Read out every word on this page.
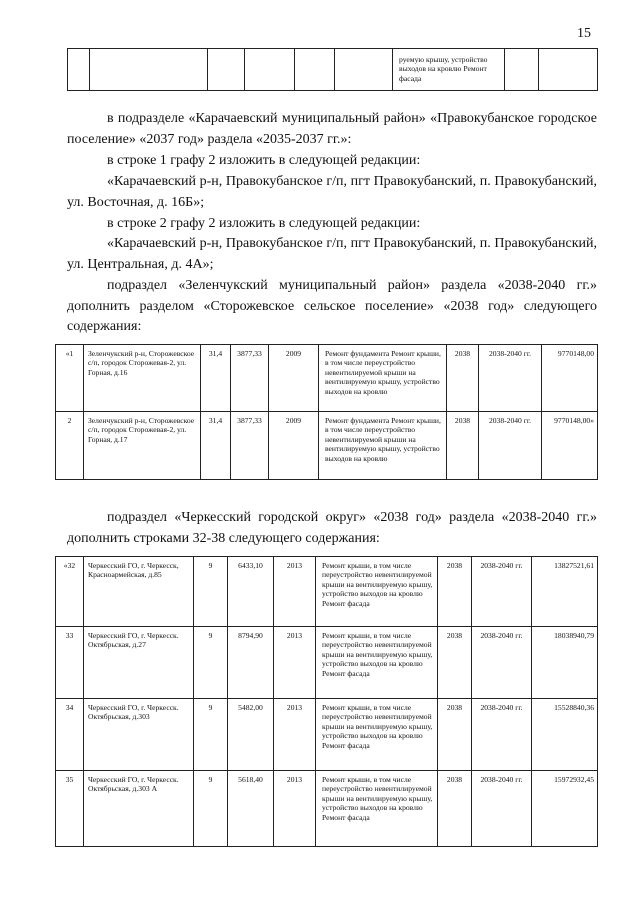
15
						руемую крышу, устройство выходов на кровлю Ремонт фасада		

в подразделе «Карачаевский муниципальный район» «Правокубанское городское поселение» «2037 год» раздела «2035-2037 гг.»:

в строке 1 графу 2 изложить в следующей редакции:

«Карачаевский р-н, Правокубанское г/п, пгт Правокубанский, п. Правокубанский, ул. Восточная, д. 16Б»;

в строке 2 графу 2 изложить в следующей редакции:

«Карачаевский р-н, Правокубанское г/п, пгт Правокубанский, п. Правокубанский, ул. Центральная, д. 4А»;

подраздел «Зеленчукский муниципальный район» раздела «2038-2040 гг.» дополнить разделом «Сторожевское сельское поселение» «2038 год» следующего содержания:

«1	Зеленчукский р-н, Сторожевское с/п, городок Сторожевая-2, ул. Горная, д.16	31,4	3877,33	2009	Ремонт фундамента Ремонт крыши, в том числе переустройство невентилируемой крыши на вентилируемую крышу, устройство выходов на кровлю	2038	2038-2040 гг.	9770148,00
2	Зеленчукский р-н, Сторожевское с/п, городок Сторожевая-2, ул. Горная, д.17	31,4	3877,33	2009	Ремонт фундамента Ремонт крыши, в том числе переустройство невентилируемой крыши на вентилируемую крышу, устройство выходов на кровлю	2038	2038-2040 гг.	9770148,00»

подраздел «Черкесский городской округ» «2038 год» раздела «2038-2040 гг.» дополнить строками 32-38 следующего содержания:

«32	Черкесский ГО, г. Черкесск, Красноармейская, д.85	9	6433,10	2013	Ремонт крыши, в том числе переустройство невентилируемой крыши на вентилируемую крышу, устройство выходов на кровлю Ремонт фасада	2038	2038-2040 гг.	13827521,61
33	Черкесский ГО, г. Черкесск. Октябрьская, д.27	9	8794,90	2013	Ремонт крыши, в том числе переустройство невентилируемой крыши на вентилируемую крышу, устройство выходов на кровлю Ремонт фасада	2038	2038-2040 гг.	18038940,79
34	Черкесский ГО, г. Черкесск. Октябрьская, д.303	9	5482,00	2013	Ремонт крыши, в том числе переустройство невентилируемой крыши на вентилируемую крышу, устройство выходов на кровлю Ремонт фасада	2038	2038-2040 гг.	15528840,36
35	Черкесский ГО, г. Черкесск. Октябрьская, д.303 А	9	5618,40	2013	Ремонт крыши, в том числе переустройство невентилируемой крыши на вентилируемую крышу, устройство выходов на кровлю Ремонт фасада	2038	2038-2040 гг.	15972932,45
